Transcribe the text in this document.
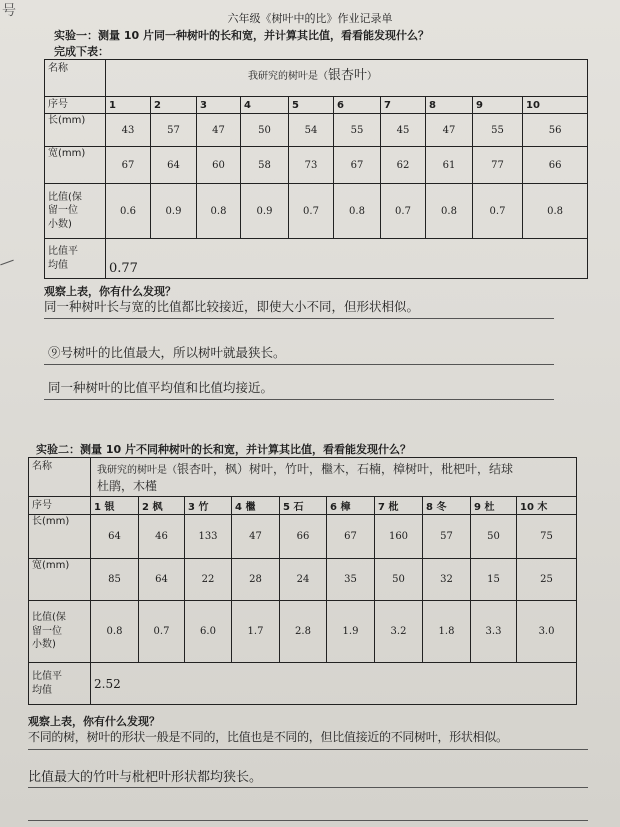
号	六年级《树叶中的比》作业记录单
实验一：测量 10 片同一种树叶的长和宽，并计算其比值，看看能发现什么？
完成下表：
名称	我研究的树叶是（银杏叶）									
序号	1	2	3	4	5	6	7	8	9	10
长(mm)	43	57	47	50	54	55	45	47	55	56
宽(mm)	67	64	60	58	73	67	62	61	77	66

比值(保
留一位
小数)	0.6	0.9	0.8	0.9	0.7	0.8	0.7	0.8	0.7	0.8

比值平
均值	0.77									
观察上表，你有什么发现？
同一种树叶长与宽的比值都比较接近，即使大小不同，但形状相似。
⑨号树叶的比值最大，所以树叶就最狭长。
同一种树叶的比值平均值和比值均接近。
实验二：测量 10 片不同种树叶的长和宽，并计算其比值，看看能发现什么？
名称	我研究的树叶是（银杏叶，枫）树叶，竹叶，檵木，石楠，樟树叶，枇杷叶，结球
杜鹃，木槿									
序号	1 银	2 枫	3 竹	4 檵	5 石	6 樟	7 枇	8 冬	9 杜	10 木
长(mm)	64	46	133	47	66	67	160	57	50	75
宽(mm)	85	64	22	28	24	35	50	32	15	25

比值(保
留一位
小数)	0.8	0.7	6.0	1.7	2.8	1.9	3.2	1.8	3.3	3.0

比值平
均值	2.52									
观察上表，你有什么发现？
不同的树，树叶的形状一般是不同的，比值也是不同的，但比值接近的不同树叶，形状相似。
比值最大的竹叶与枇杷叶形状都均狭长。
